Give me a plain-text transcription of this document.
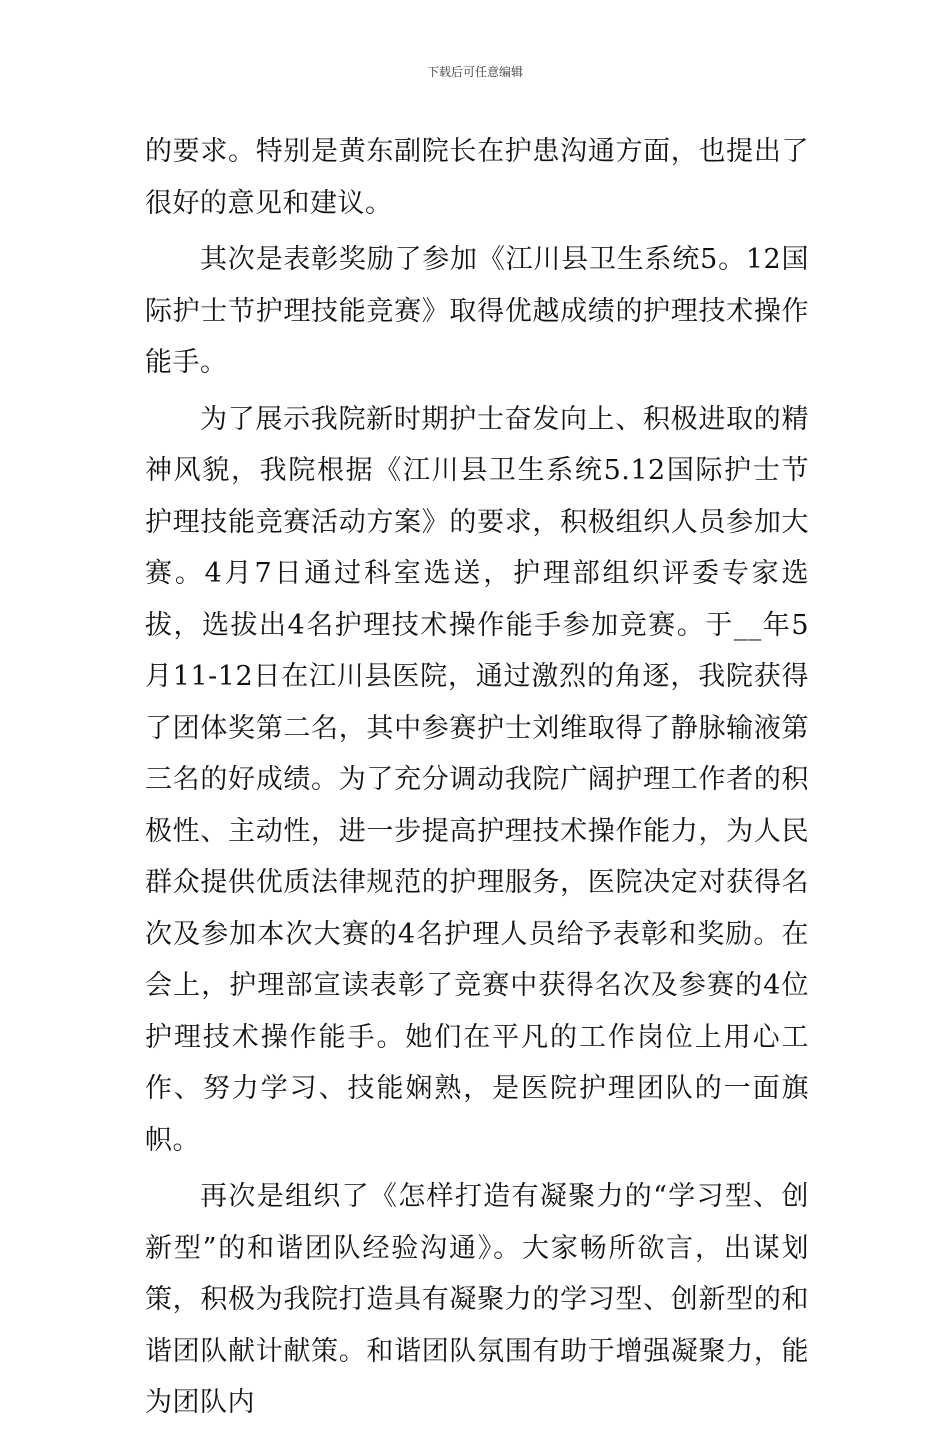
下载后可任意编辑

的要求。特别是黄东副院长在护患沟通方面，也提出了很好的意见和建议。

其次是表彰奖励了参加《江川县卫生系统5。12国际护士节护理技能竞赛》取得优越成绩的护理技术操作能手。

为了展示我院新时期护士奋发向上、积极进取的精神风貌，我院根据《江川县卫生系统5.12国际护士节护理技能竞赛活动方案》的要求，积极组织人员参加大赛。4月7日通过科室选送，护理部组织评委专家选拔，选拔出4名护理技术操作能手参加竞赛。于__年5月11-12日在江川县医院，通过激烈的角逐，我院获得了团体奖第二名，其中参赛护士刘维取得了静脉输液第三名的好成绩。为了充分调动我院广阔护理工作者的积极性、主动性，进一步提高护理技术操作能力，为人民群众提供优质法律规范的护理服务，医院决定对获得名次及参加本次大赛的4名护理人员给予表彰和奖励。在会上，护理部宣读表彰了竞赛中获得名次及参赛的4位护理技术操作能手。她们在平凡的工作岗位上用心工作、努力学习、技能娴熟，是医院护理团队的一面旗帜。

再次是组织了《怎样打造有凝聚力的“学习型、创新型”的和谐团队经验沟通》。大家畅所欲言，出谋划策，积极为我院打造具有凝聚力的学习型、创新型的和谐团队献计献策。和谐团队氛围有助于增强凝聚力，能为团队内
